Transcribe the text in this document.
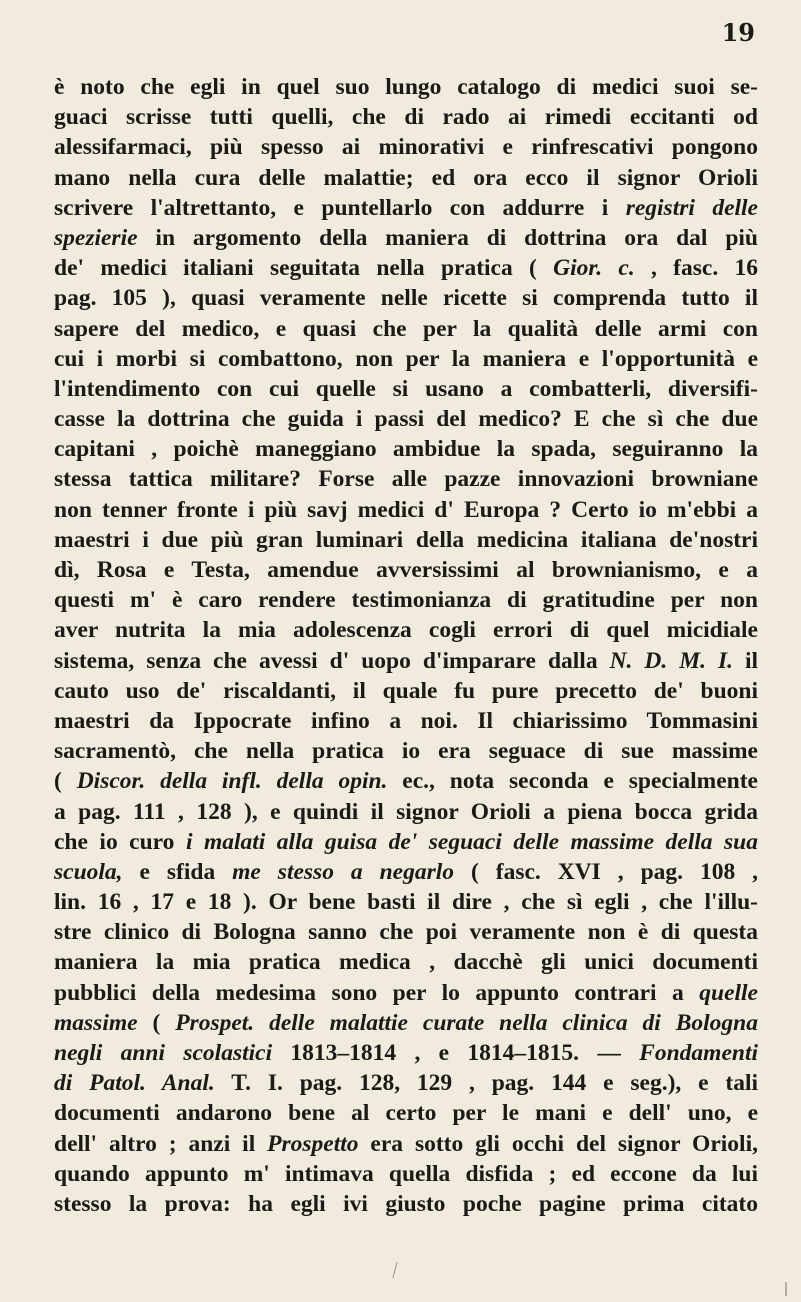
19

è noto che egli in quel suo lungo catalogo di medici suoi se-
guaci scrisse tutti quelli, che di rado ai rimedi eccitanti od
alessifarmaci, più spesso ai minorativi e rinfrescativi pongono
mano nella cura delle malattie; ed ora ecco il signor Orioli
scrivere l'altrettanto, e puntellarlo con addurre i registri delle
spezierie in argomento della maniera di dottrina ora dal più
de' medici italiani seguitata nella pratica ( Gior. c. , fasc. 16
pag. 105 ), quasi veramente nelle ricette si comprenda tutto il
sapere del medico, e quasi che per la qualità delle armi con
cui i morbi si combattono, non per la maniera e l'opportunità e
l'intendimento con cui quelle si usano a combatterli, diversifi-
casse la dottrina che guida i passi del medico? E che sì che due
capitani , poichè maneggiano ambidue la spada, seguiranno la
stessa tattica militare? Forse alle pazze innovazioni browniane
non tenner fronte i più savj medici d' Europa ? Certo io m'ebbi a
maestri i due più gran luminari della medicina italiana de'nostri
dì, Rosa e Testa, amendue avversissimi al brownianismo, e a
questi m' è caro rendere testimonianza di gratitudine per non
aver nutrita la mia adolescenza cogli errori di quel micidiale
sistema, senza che avessi d' uopo d'imparare dalla N. D. M. I. il
cauto uso de' riscaldanti, il quale fu pure precetto de' buoni
maestri da Ippocrate infino a noi. Il chiarissimo Tommasini
sacramentò, che nella pratica io era seguace di sue massime
( Discor. della infl. della opin. ec., nota seconda e specialmente
a pag. 111 , 128 ), e quindi il signor Orioli a piena bocca grida
che io curo i malati alla guisa de' seguaci delle massime della sua
scuola, e sfida me stesso a negarlo ( fasc. XVI , pag. 108 ,
lin. 16 , 17 e 18 ). Or bene basti il dire , che sì egli , che l'illu-
stre clinico di Bologna sanno che poi veramente non è di questa
maniera la mia pratica medica , dacchè gli unici documenti
pubblici della medesima sono per lo appunto contrari a quelle
massime ( Prospet. delle malattie curate nella clinica di Bologna
negli anni scolastici 1813–1814 , e 1814–1815. — Fondamenti
di Patol. Anal. T. I. pag. 128, 129 , pag. 144 e seg.), e tali
documenti andarono bene al certo per le mani e dell' uno, e
dell' altro ; anzi il Prospetto era sotto gli occhi del signor Orioli,
quando appunto m' intimava quella disfida ; ed eccone da lui
stesso la prova: ha egli ivi giusto poche pagine prima citato
